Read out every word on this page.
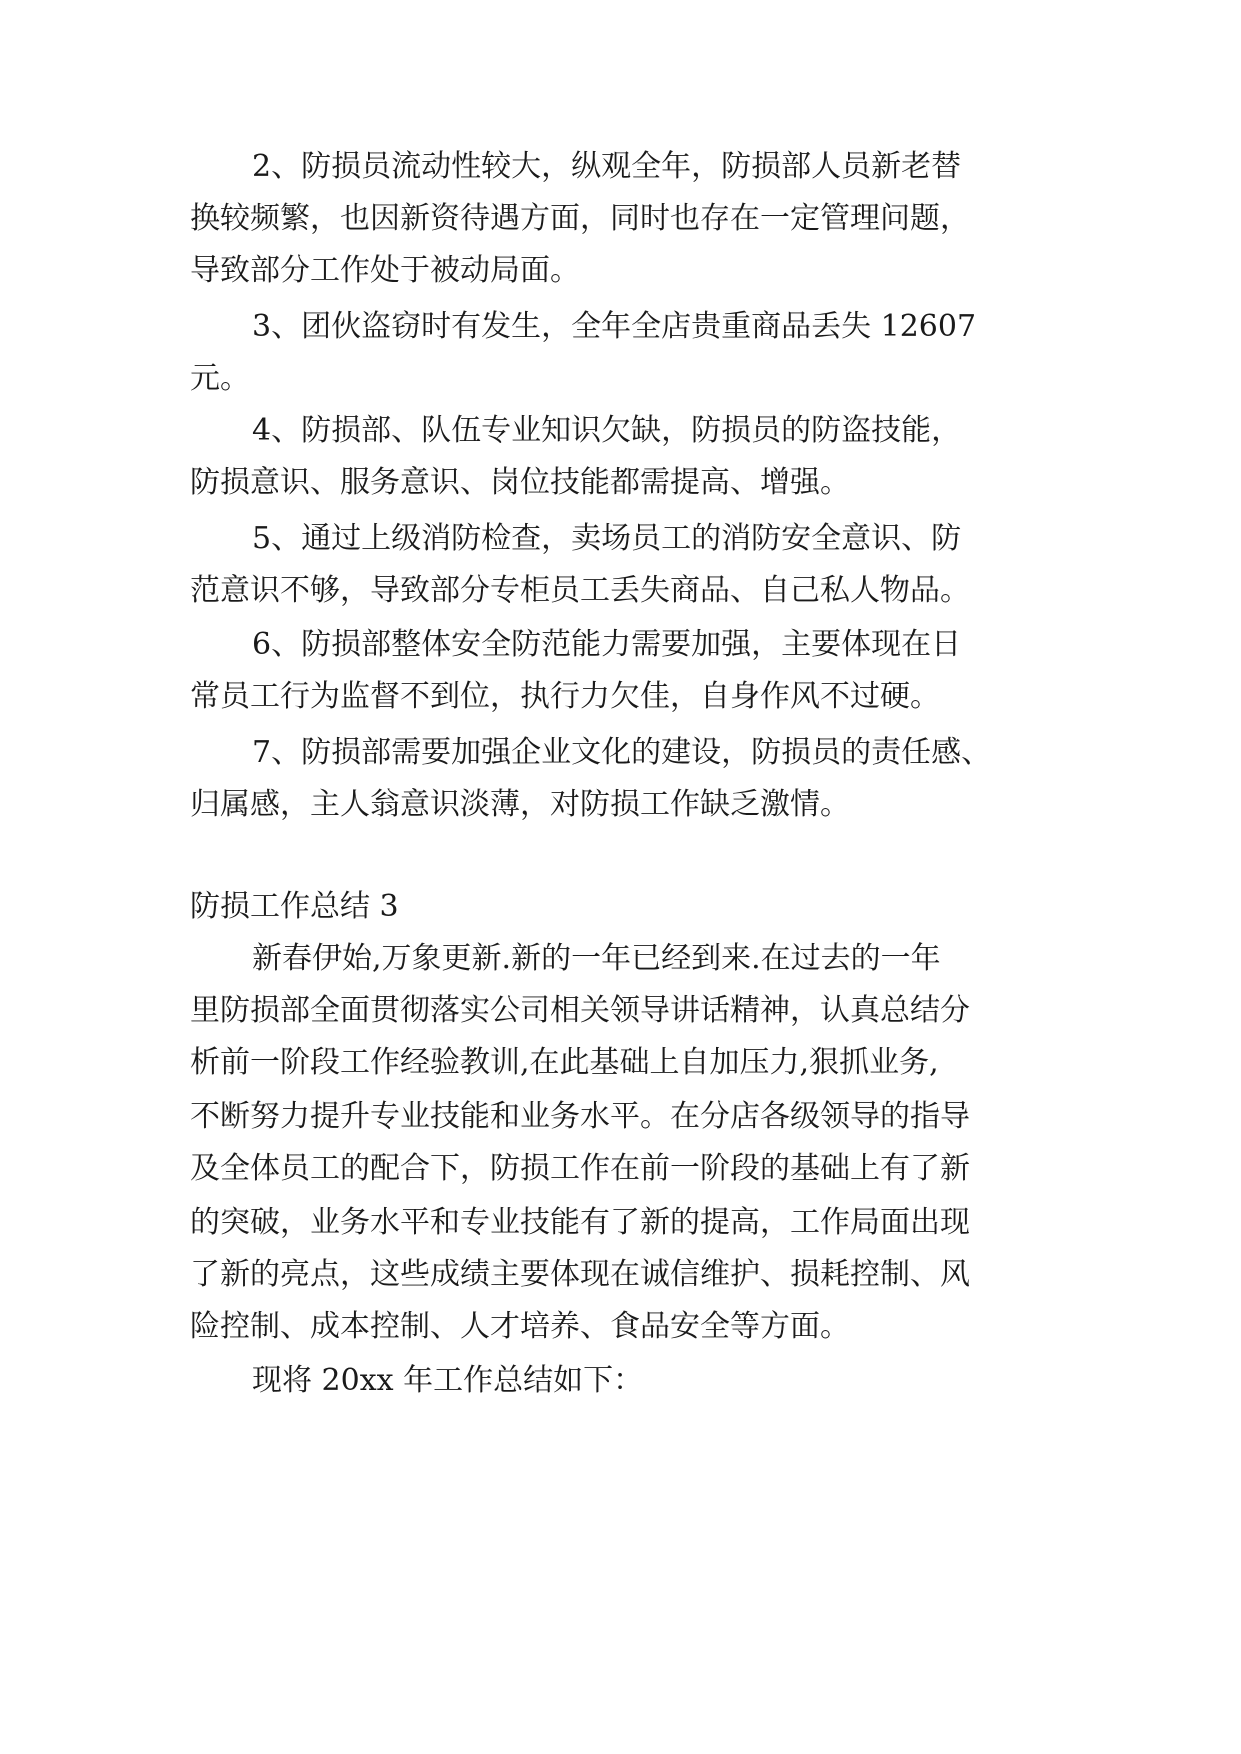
2、防损员流动性较大，纵观全年，防损部人员新老替

换较频繁，也因新资待遇方面，同时也存在一定管理问题，

导致部分工作处于被动局面。

3、团伙盗窃时有发生，全年全店贵重商品丢失 12607

元。

4、防损部、队伍专业知识欠缺，防损员的防盗技能，

防损意识、服务意识、岗位技能都需提高、增强。

5、通过上级消防检查，卖场员工的消防安全意识、防

范意识不够，导致部分专柜员工丢失商品、自己私人物品。

6、防损部整体安全防范能力需要加强，主要体现在日

常员工行为监督不到位，执行力欠佳，自身作风不过硬。

7、防损部需要加强企业文化的建设，防损员的责任感、

归属感，主人翁意识淡薄，对防损工作缺乏激情。

防损工作总结 3

新春伊始,万象更新.新的一年已经到来.在过去的一年

里防损部全面贯彻落实公司相关领导讲话精神，认真总结分

析前一阶段工作经验教训,在此基础上自加压力,狠抓业务,

不断努力提升专业技能和业务水平。在分店各级领导的指导

及全体员工的配合下，防损工作在前一阶段的基础上有了新

的突破，业务水平和专业技能有了新的提高，工作局面出现

了新的亮点，这些成绩主要体现在诚信维护、损耗控制、风

险控制、成本控制、人才培养、食品安全等方面。

现将 20xx 年工作总结如下：
